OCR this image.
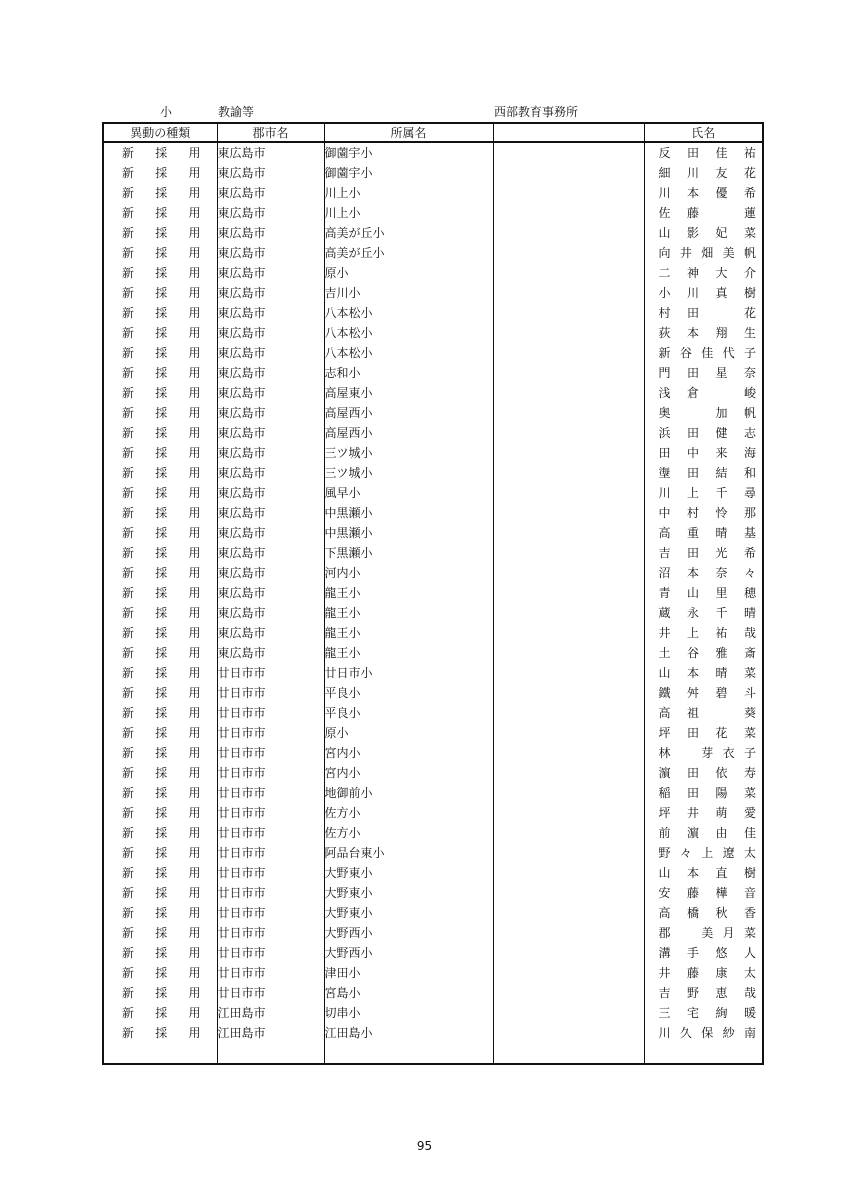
小	教諭等	西部教育事務所
異動の種類	郡市名	所属名		氏名

新 採 用	東広島市	御薗宇小		反 田 佳 祐

新 採 用	東広島市	御薗宇小		細 川 友 花

新 採 用	東広島市	川上小		川 本 優 希

新 採 用	東広島市	川上小		佐 藤
　 蓮

新 採 用	東広島市	高美が丘小		山 影 妃 菜

新 採 用	東広島市	高美が丘小		向 井 畑 美 帆

新 採 用	東広島市	原小		二 神 大 介

新 採 用	東広島市	吉川小		小 川 真 樹

新 採 用	東広島市	八本松小		村 田
　 花

新 採 用	東広島市	八本松小		荻 本 翔 生

新 採 用	東広島市	八本松小		新 谷 佳 代 子

新 採 用	東広島市	志和小		門 田 星 奈

新 採 用	東広島市	高屋東小		浅 倉
　 峻

新 採 用	東広島市	高屋西小		奥
　 加 帆

新 採 用	東広島市	高屋西小		浜 田 健 志

新 採 用	東広島市	三ツ城小		田 中 来 海

新 採 用	東広島市	三ツ城小		塰 田 結 和

新 採 用	東広島市	風早小		川 上 千 尋

新 採 用	東広島市	中黒瀬小		中 村 怜 那

新 採 用	東広島市	中黒瀬小		高 重 晴 基

新 採 用	東広島市	下黒瀬小		吉 田 光 希

新 採 用	東広島市	河内小		沼 本 奈 々

新 採 用	東広島市	龍王小		青 山 里 穂

新 採 用	東広島市	龍王小		蔵 永 千 晴

新 採 用	東広島市	龍王小		井 上 祐 哉

新 採 用	東広島市	龍王小		土 谷 雅 斎

新 採 用	廿日市市	廿日市小		山 本 晴 菜

新 採 用	廿日市市	平良小		鐵 舛 碧 斗

新 採 用	廿日市市	平良小		高 祖
　 葵

新 採 用	廿日市市	原小		坪 田 花 菜

新 採 用	廿日市市	宮内小		林
　 芽 衣 子

新 採 用	廿日市市	宮内小		濵 田 依 寿

新 採 用	廿日市市	地御前小		稲 田 陽 菜

新 採 用	廿日市市	佐方小		坪 井 萌 愛

新 採 用	廿日市市	佐方小		前 濵 由 佳

新 採 用	廿日市市	阿品台東小		野 々 上 遼 太

新 採 用	廿日市市	大野東小		山 本 直 樹

新 採 用	廿日市市	大野東小		安 藤 樺 音

新 採 用	廿日市市	大野東小		高 橋 秋 香

新 採 用	廿日市市	大野西小		郡
　 美 月 菜

新 採 用	廿日市市	大野西小		溝 手 悠 人

新 採 用	廿日市市	津田小		井 藤 康 太

新 採 用	廿日市市	宮島小		吉 野 恵 哉

新 採 用	江田島市	切串小		三 宅 絢 暖

新 採 用	江田島市	江田島小		川 久 保 紗 南

95
